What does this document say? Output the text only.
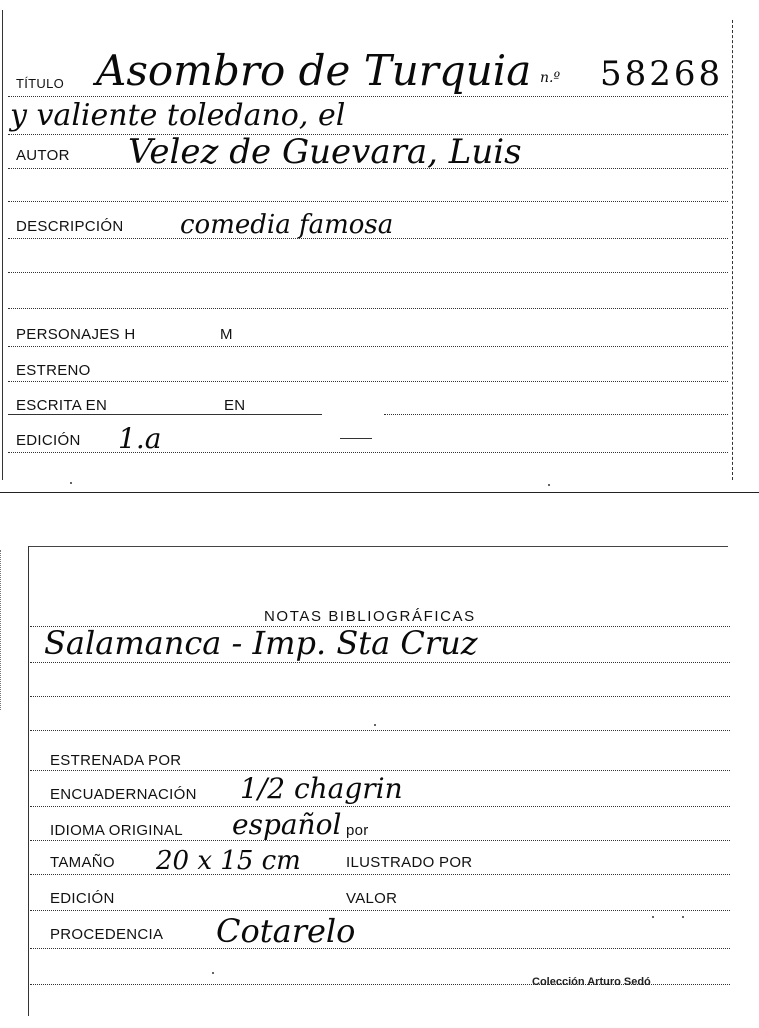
TÍTULO Asombro de Turquia n.º 58268
y valiente toledano, el
AUTOR Velez de Guevara, Luis
DESCRIPCIÓN comedia famosa
PERSONAJES H	M
ESTRENO
ESCRITA EN	EN
EDICIÓN 1.a
NOTAS BIBLIOGRÁFICAS
Salamanca - Imp. Sta Cruz
ESTRENADA POR
ENCUADERNACIÓN 1/2 chagrin
IDIOMA ORIGINAL español por
TAMAÑO 20 x 15 cm	ILUSTRADO POR
EDICIÓN	VALOR
PROCEDENCIA Cotarelo
Colección Arturo Sedó
